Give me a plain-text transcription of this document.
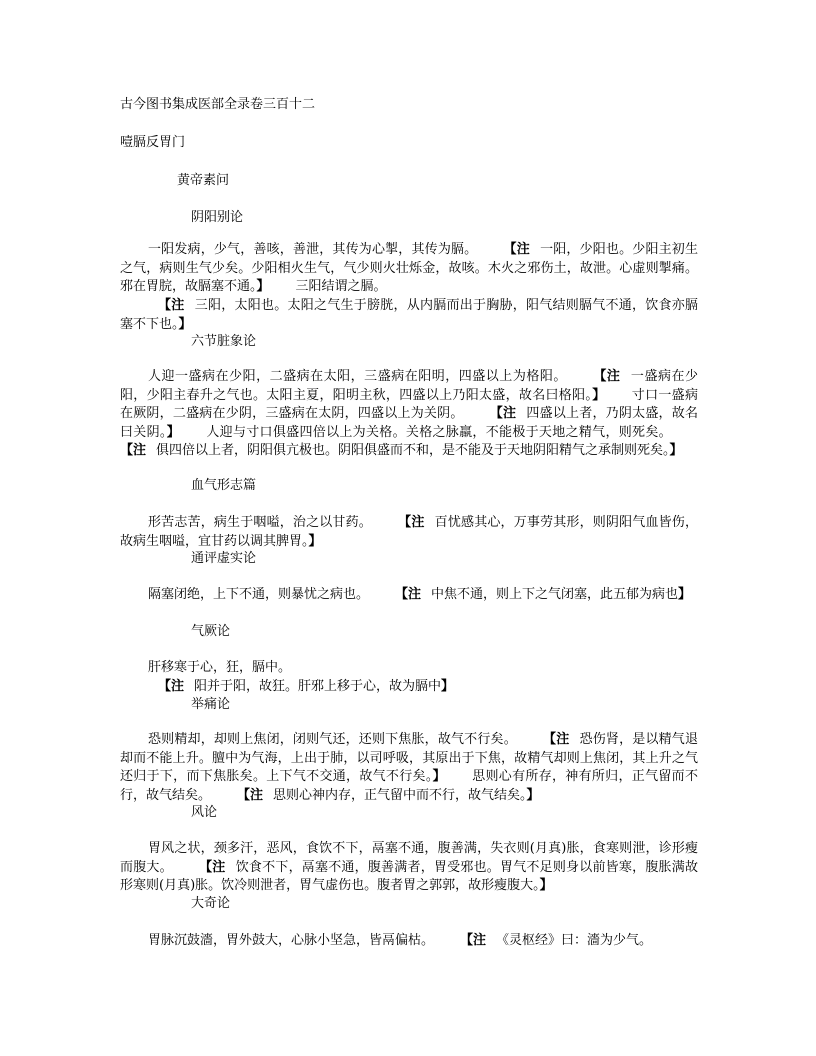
古今图书集成医部全录卷三百十二
噎膈反胃门
黄帝素问
阴阳别论
一阳发病，少气，善咳，善泄，其传为心掣，其传为膈。 【注 一阳，少阳也。少阳主初生之气，病则生气少矣。少阳相火生气，气少则火壮烁金，故咳。木火之邪伤土，故泄。心虚则掣痛。邪在胃脘，故膈塞不通。】 三阳结谓之膈。
【注 三阳，太阳也。太阳之气生于膀胱，从内膈而出于胸胁，阳气结则膈气不通，饮食亦膈塞不下也。】
六节脏象论
人迎一盛病在少阳，二盛病在太阳，三盛病在阳明，四盛以上为格阳。 【注 一盛病在少阳，少阳主春升之气也。太阳主夏，阳明主秋，四盛以上乃阳太盛，故名曰格阳。】 寸口一盛病在厥阴，二盛病在少阴，三盛病在太阴，四盛以上为关阴。 【注 四盛以上者，乃阴太盛，故名曰关阴。】 人迎与寸口俱盛四倍以上为关格。关格之脉羸，不能极于天地之精气，则死矣。【注 俱四倍以上者，阴阳俱亢极也。阴阳俱盛而不和，是不能及于天地阴阳精气之承制则死矣。】
血气形志篇
形苦志苦，病生于咽嗌，治之以甘药。 【注 百忧感其心，万事劳其形，则阴阳气血皆伤，故病生咽嗌，宜甘药以调其脾胃。】
通评虚实论
隔塞闭绝，上下不通，则暴忧之病也。 【注 中焦不通，则上下之气闭塞，此五郁为病也】
气厥论
肝移寒于心，狂，膈中。
【注 阳并于阳，故狂。肝邪上移于心，故为膈中】
举痛论
恐则精却，却则上焦闭，闭则气还，还则下焦胀，故气不行矣。 【注 恐伤肾，是以精气退却而不能上升。膻中为气海，上出于肺，以司呼吸，其原出于下焦，故精气却则上焦闭，其上升之气还归于下，而下焦胀矣。上下气不交通，故气不行矣。】 思则心有所存，神有所归，正气留而不行，故气结矣。 【注 思则心神内存，正气留中而不行，故气结矣。】
风论
胃风之状，颈多汗，恶风，食饮不下，鬲塞不通，腹善满，失衣则(月真)胀，食寒则泄，诊形瘦而腹大。 【注 饮食不下，鬲塞不通，腹善满者，胃受邪也。胃气不足则身以前皆寒，腹胀满故形寒则(月真)胀。饮冷则泄者，胃气虚伤也。腹者胃之郭郭，故形瘦腹大。】
大奇论
胃脉沉鼓濇，胃外鼓大，心脉小坚急，皆鬲偏枯。 【注 《灵枢经》曰：濇为少气。
